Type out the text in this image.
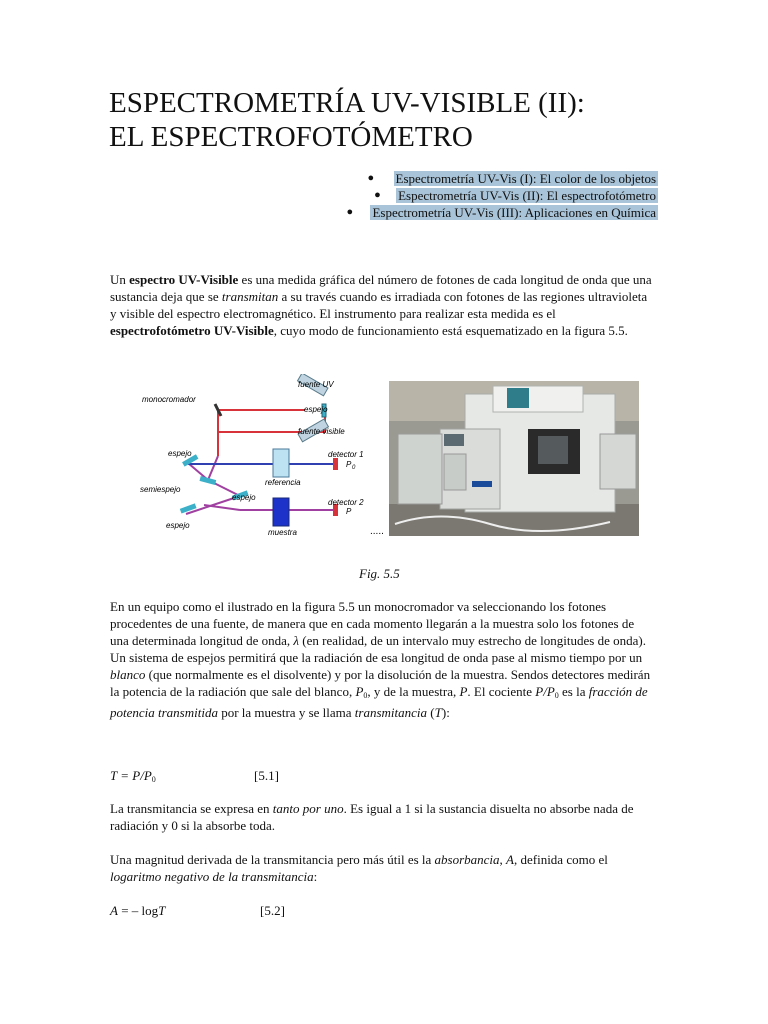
ESPECTROMETRÍA UV-VISIBLE (II):
EL ESPECTROFOTÓMETRO
● Espectrometría UV-Vis (I): El color de los objetos
● Espectrometría UV-Vis (II): El espectrofotómetro
● Espectrometría UV-Vis (III): Aplicaciones en Química

Un espectro UV-Visible es una medida gráfica del número de fotones de cada longitud de onda que una sustancia deja que se transmitan a su través cuando es irradiada con fotones de las regiones ultravioleta y visible del espectro electromagnético. El instrumento para realizar esta medida es el espectrofotómetro UV-Visible, cuyo modo de funcionamiento está esquematizado en la figura 5.5.

monocromador
fuente UV
espejo
fuente visible
espejo
referencia
detector 1
P 0
semiespejo
espejo
detector 2
P
espejo
muestra	.....
Fig. 5.5

En un equipo como el ilustrado en la figura 5.5 un monocromador va seleccionando los fotones procedentes de una fuente, de manera que en cada momento llegarán a la muestra solo los fotones de una determinada longitud de onda, λ (en realidad, de un intervalo muy estrecho de longitudes de onda). Un sistema de espejos permitirá que la radiación de esa longitud de onda pase al mismo tiempo por un blanco (que normalmente es el disolvente) y por la disolución de la muestra. Sendos detectores medirán la potencia de la radiación que sale del blanco, $P_0$, y de la muestra, P. El cociente $P/P_0$ es la fracción de potencia transmitida por la muestra y se llama transmitancia (T):

$T = P/P_0$	[5.1]

La transmitancia se expresa en tanto por uno. Es igual a 1 si la sustancia disuelta no absorbe nada de radiación y 0 si la absorbe toda.

Una magnitud derivada de la transmitancia pero más útil es la absorbancia, A, definida como el logaritmo negativo de la transmitancia:

A = – logT	[5.2]
